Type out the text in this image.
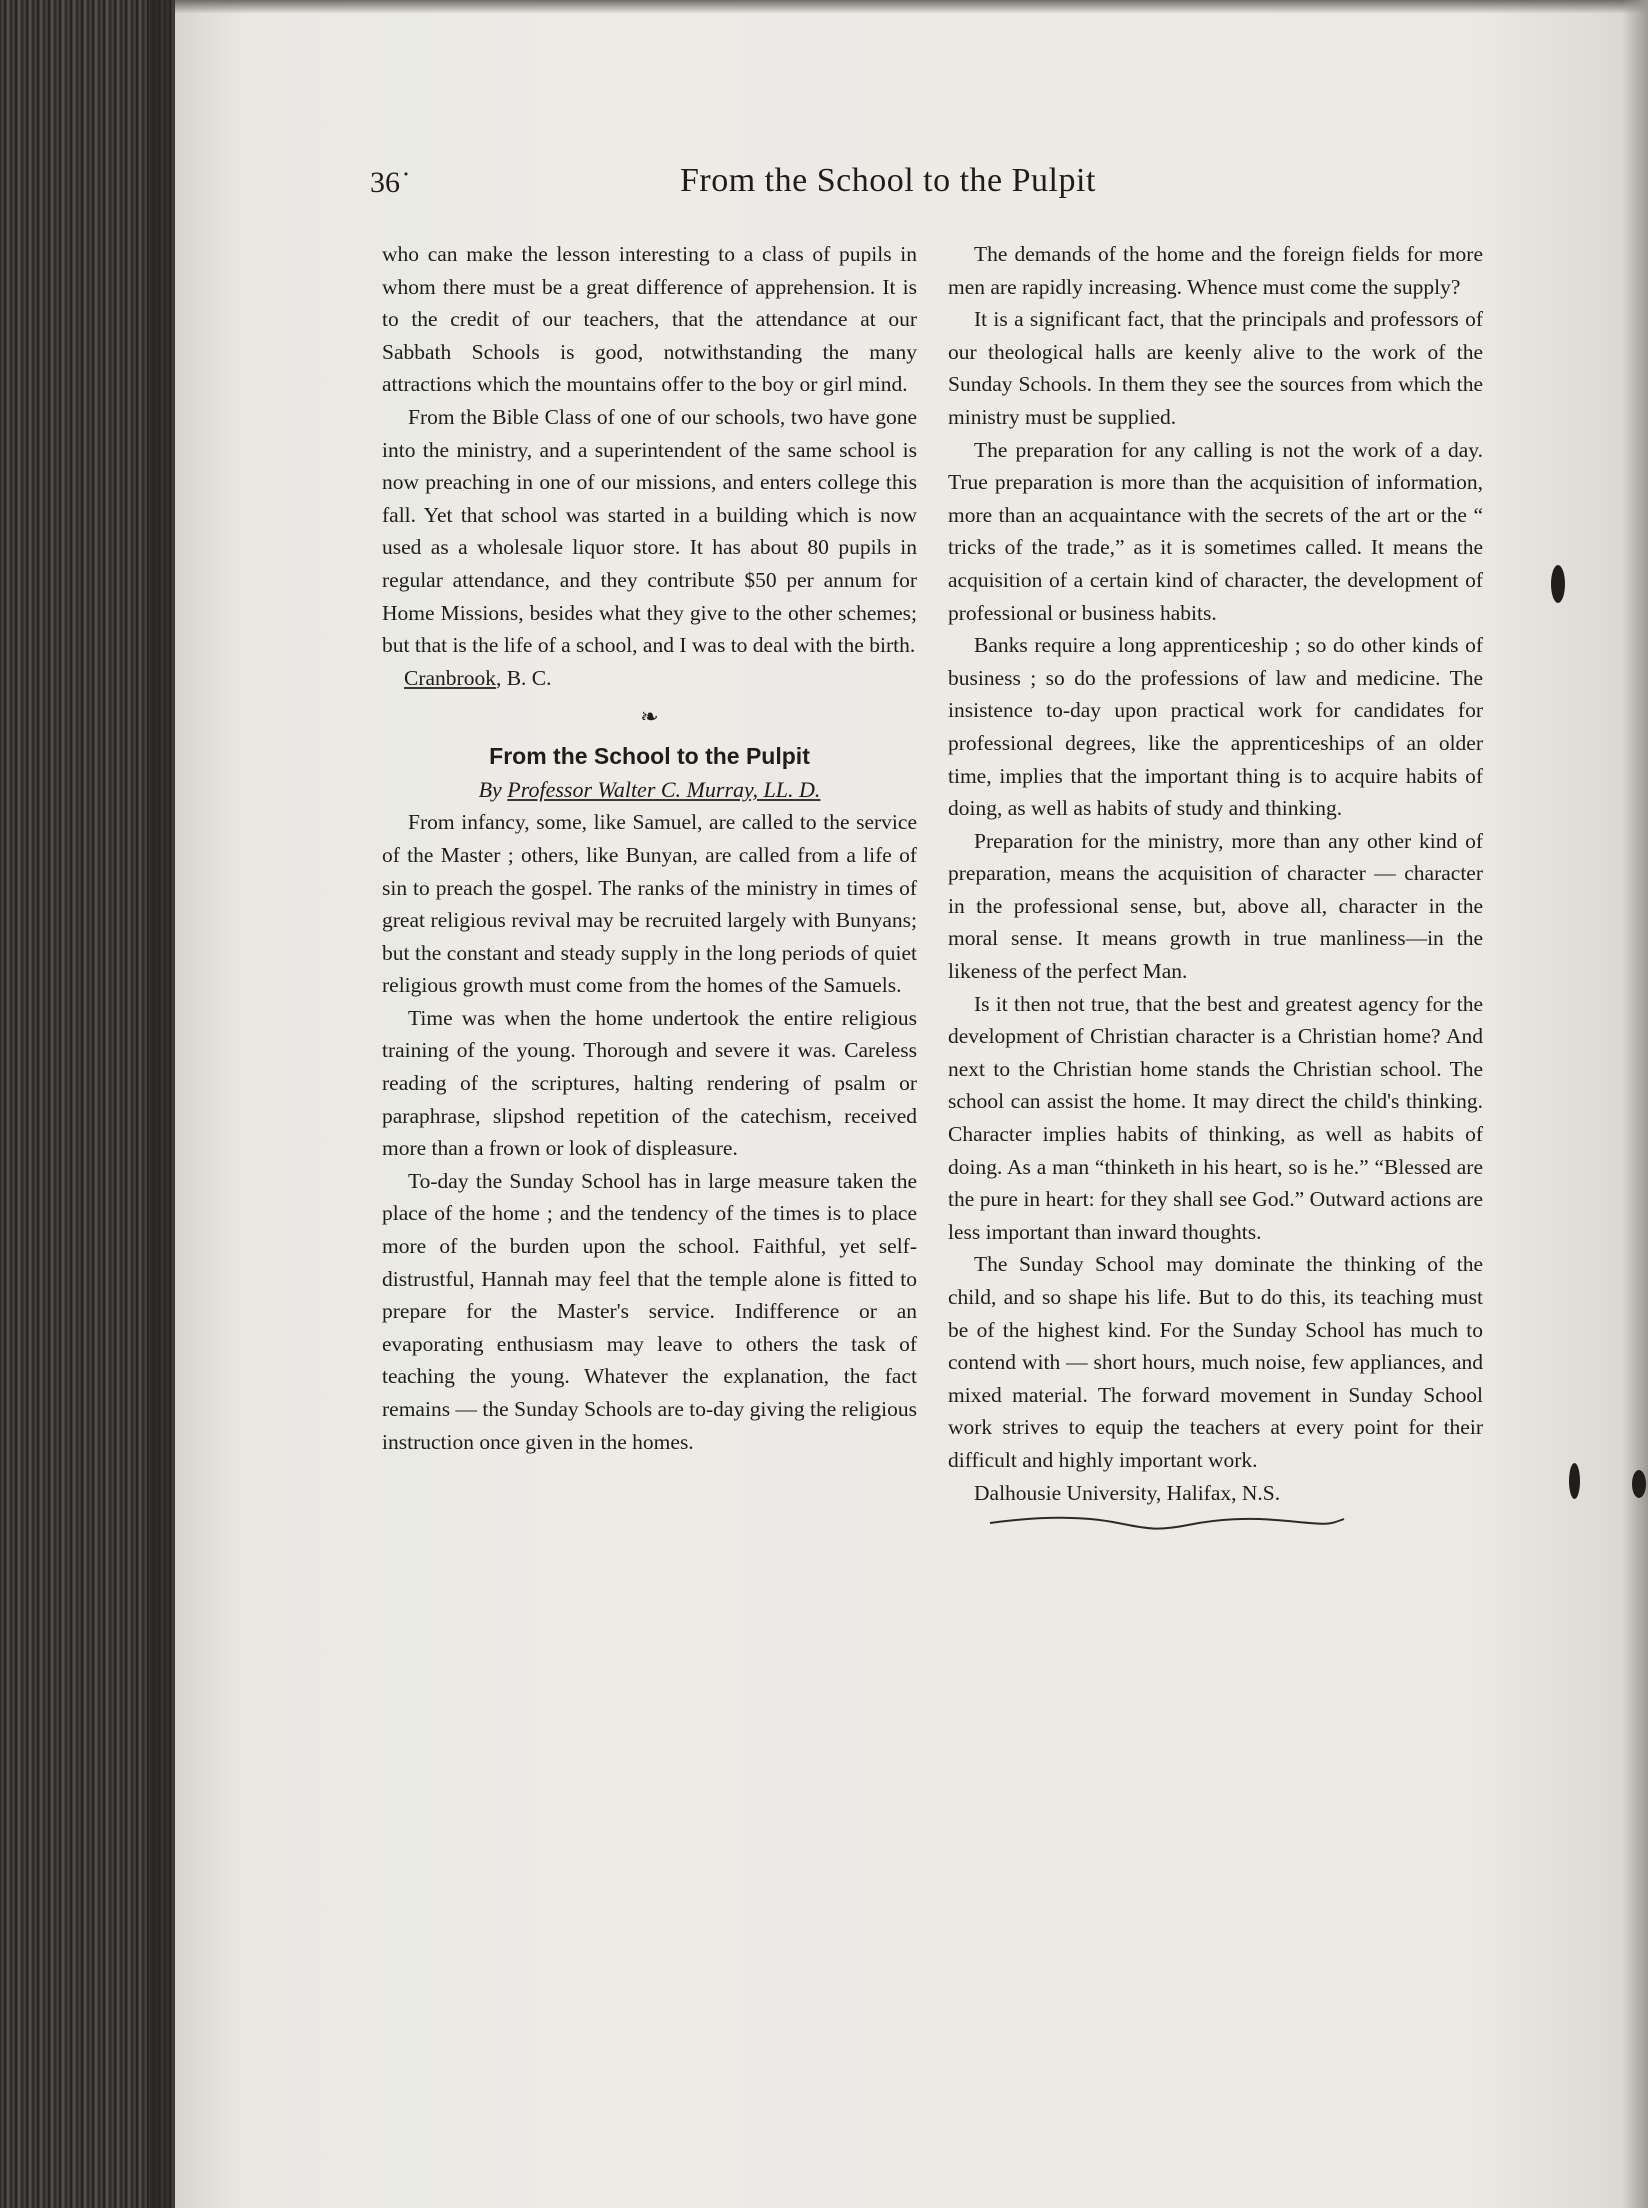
36 ̇	From the School to the Pulpit

who can make the lesson interesting to a class of pupils in whom there must be a great difference of apprehension. It is to the credit of our teachers, that the attendance at our Sabbath Schools is good, notwithstanding the many attractions which the mountains offer to the boy or girl mind.

From the Bible Class of one of our schools, two have gone into the ministry, and a superintendent of the same school is now preaching in one of our missions, and enters college this fall. Yet that school was started in a building which is now used as a wholesale liquor store. It has about 80 pupils in regular attendance, and they contribute $50 per annum for Home Missions, besides what they give to the other schemes; but that is the life of a school, and I was to deal with the birth.

Cranbrook, B. C.

❧
From the School to the Pulpit
By Professor Walter C. Murray, LL. D.

From infancy, some, like Samuel, are called to the service of the Master ; others, like Bunyan, are called from a life of sin to preach the gospel. The ranks of the ministry in times of great religious revival may be recruited largely with Bunyans; but the constant and steady supply in the long periods of quiet religious growth must come from the homes of the Samuels.

Time was when the home undertook the entire religious training of the young. Thorough and severe it was. Careless reading of the scriptures, halting rendering of psalm or paraphrase, slipshod repetition of the catechism, received more than a frown or look of displeasure.

To-day the Sunday School has in large measure taken the place of the home ; and the tendency of the times is to place more of the burden upon the school. Faithful, yet self-distrustful, Hannah may feel that the temple alone is fitted to prepare for the Master's service. Indifference or an evaporating enthusiasm may leave to others the task of teaching the young. Whatever the explanation, the fact remains — the Sunday Schools are to-day giving the religious instruction once given in the homes.

The demands of the home and the foreign fields for more men are rapidly increasing. Whence must come the supply?

It is a significant fact, that the principals and professors of our theological halls are keenly alive to the work of the Sunday Schools. In them they see the sources from which the ministry must be supplied.

The preparation for any calling is not the work of a day. True preparation is more than the acquisition of information, more than an acquaintance with the secrets of the art or the “ tricks of the trade,” as it is sometimes called. It means the acquisition of a certain kind of character, the development of professional or business habits.

Banks require a long apprenticeship ; so do other kinds of business ; so do the professions of law and medicine. The insistence to-day upon practical work for candidates for professional degrees, like the apprenticeships of an older time, implies that the important thing is to acquire habits of doing, as well as habits of study and thinking.

Preparation for the ministry, more than any other kind of preparation, means the acquisition of character — character in the professional sense, but, above all, character in the moral sense. It means growth in true manliness—in the likeness of the perfect Man.

Is it then not true, that the best and greatest agency for the development of Christian character is a Christian home? And next to the Christian home stands the Christian school. The school can assist the home. It may direct the child's thinking. Character implies habits of thinking, as well as habits of doing. As a man “thinketh in his heart, so is he.” “Blessed are the pure in heart: for they shall see God.” Outward actions are less important than inward thoughts.

The Sunday School may dominate the thinking of the child, and so shape his life. But to do this, its teaching must be of the highest kind. For the Sunday School has much to contend with — short hours, much noise, few appliances, and mixed material. The forward movement in Sunday School work strives to equip the teachers at every point for their difficult and highly important work.

Dalhousie University, Halifax, N.S.
